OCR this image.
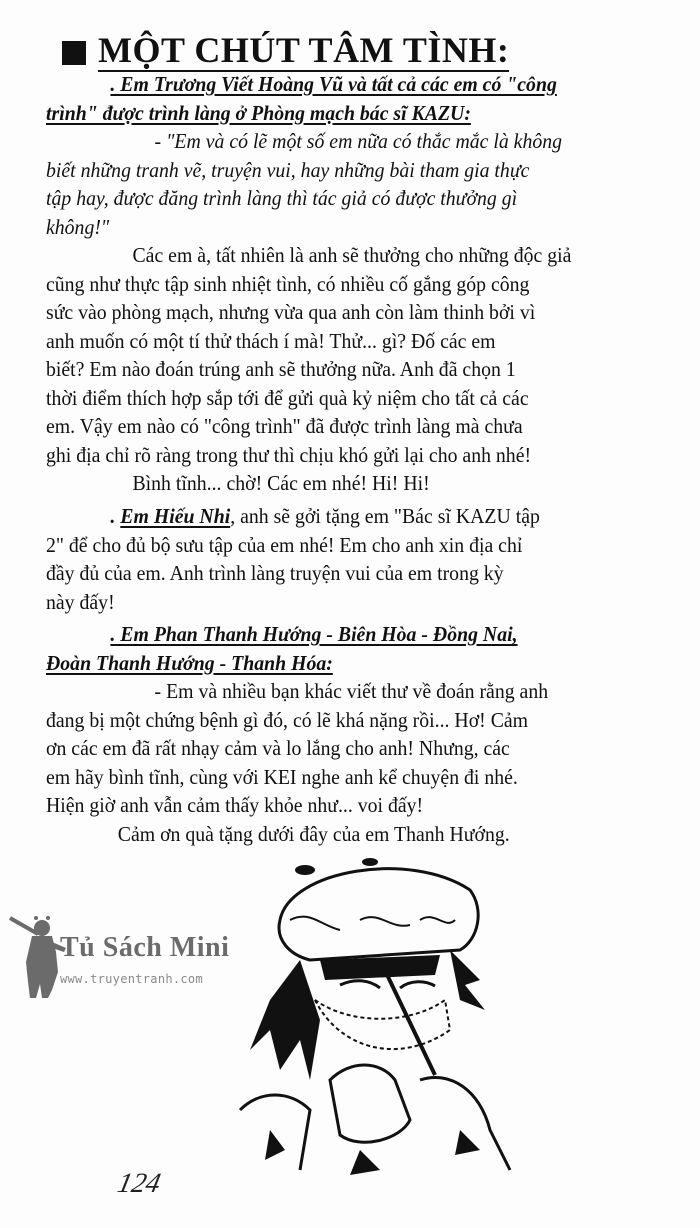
MỘT CHÚT TÂM TÌNH:
. Em Trương Viết Hoàng Vũ và tất cả các em có "công
trình" được trình làng ở Phòng mạch bác sĩ KAZU:
- "Em và có lẽ một số em nữa có thắc mắc là không
biết những tranh vẽ, truyện vui, hay những bài tham gia thực
tập hay, được đăng trình làng thì tác giả có được thưởng gì
không!"
Các em à, tất nhiên là anh sẽ thưởng cho những độc giả
cũng như thực tập sinh nhiệt tình, có nhiều cố gắng góp công
sức vào phòng mạch, nhưng vừa qua anh còn làm thinh bởi vì
anh muốn có một tí thử thách í mà! Thử... gì? Đố các em
biết? Em nào đoán trúng anh sẽ thưởng nữa. Anh đã chọn 1
thời điểm thích hợp sắp tới để gửi quà kỷ niệm cho tất cả các
em. Vậy em nào có "công trình" đã được trình làng mà chưa
ghi địa chỉ rõ ràng trong thư thì chịu khó gửi lại cho anh nhé!
Bình tĩnh... chờ! Các em nhé! Hi! Hi!
. Em Hiếu Nhi, anh sẽ gởi tặng em "Bác sĩ KAZU tập
2" để cho đủ bộ sưu tập của em nhé! Em cho anh xin địa chỉ
đầy đủ của em. Anh trình làng truyện vui của em trong kỳ
này đấy!
. Em Phan Thanh Hướng - Biên Hòa - Đồng Nai,
Đoàn Thanh Hướng - Thanh Hóa:
- Em và nhiều bạn khác viết thư về đoán rằng anh
đang bị một chứng bệnh gì đó, có lẽ khá nặng rồi... Hơ! Cảm
ơn các em đã rất nhạy cảm và lo lắng cho anh! Nhưng, các
em hãy bình tĩnh, cùng với KEI nghe anh kể chuyện đi nhé.
Hiện giờ anh vẫn cảm thấy khỏe như... voi đấy!
Cảm ơn quà tặng dưới đây của em Thanh Hướng.
Tủ Sách Mini
www.truyentranh.com
124
